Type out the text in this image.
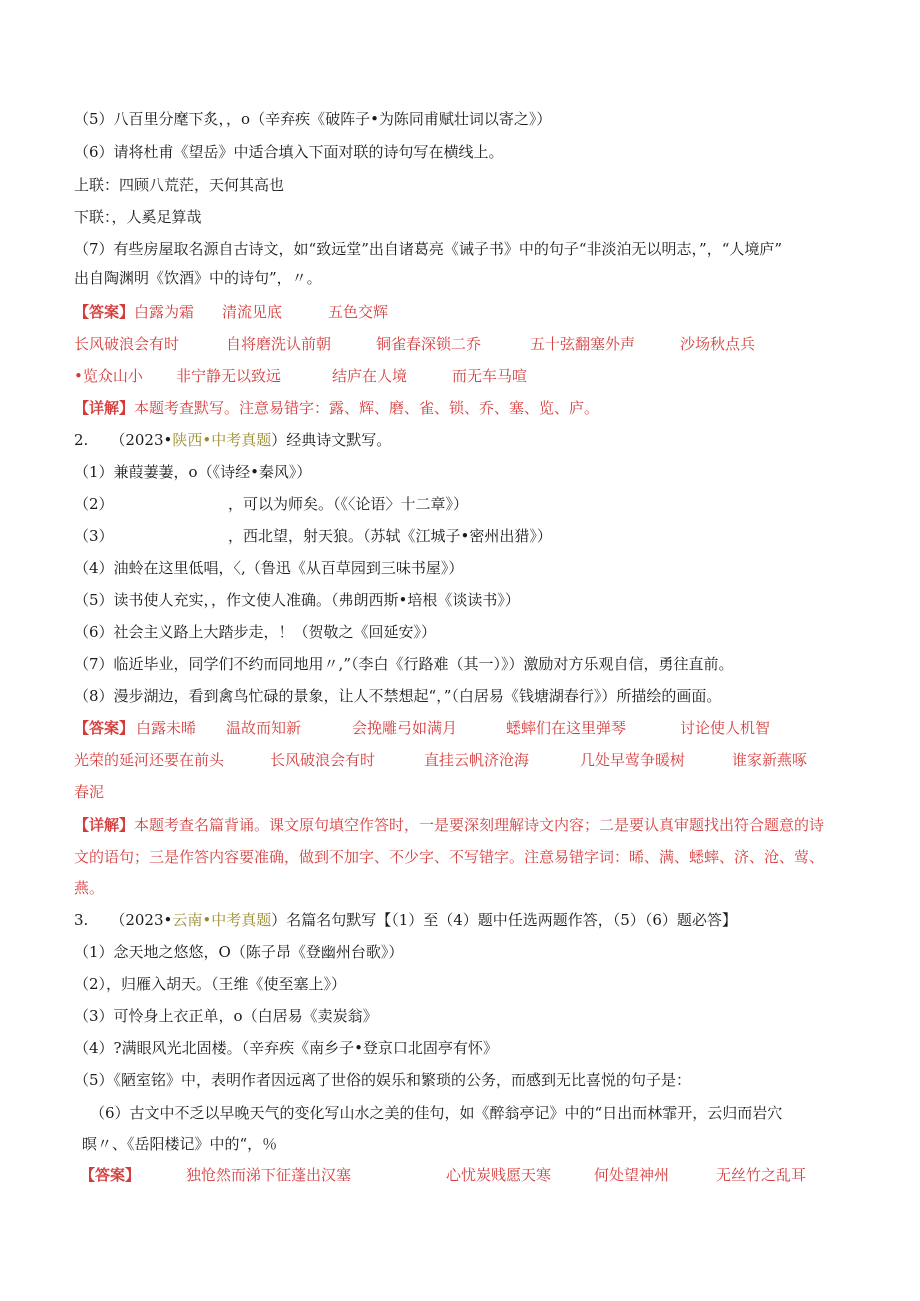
（5）八百里分麾下炙，，o（辛弃疾《破阵子•为陈同甫赋壮词以寄之》）
（6）请将杜甫《望岳》中适合填入下面对联的诗句写在横线上。
上联：四顾八荒茫，天何其高也
下联：，人奚足算哉
（7）有些房屋取名源自古诗文，如“致远堂”出自诸葛亮《诫子书》中的句子“非淡泊无以明志，”，“人境庐”
出自陶渊明《饮酒》中的诗句”，〃。
【答案】白露为霜 清流见底	五色交辉
长风破浪会有时	自将磨洗认前朝	铜雀春深锁二乔	五十弦翻塞外声	沙场秋点兵
•览众山小 非宁静无以致远	结庐在人境	而无车马喧
【详解】本题考查默写。注意易错字：露、辉、磨、雀、锁、乔、塞、览、庐。
2. （2023•陕西•中考真题）经典诗文默写。
（1）兼葭萋萋，o（《诗经•秦风》）
（2）	，可以为师矣。（《〈论语〉十二章》）
（3）	，西北望，射天狼。（苏轼《江城子•密州出猎》）
（4）油蛉在这里低唱，〈,（鲁迅《从百草园到三味书屋》）
（5）读书使人充实，，作文使人准确。（弗朗西斯•培根《谈读书》）
（6）社会主义路上大踏步走，！（贺敬之《回延安》）
（7）临近毕业，同学们不约而同地用〃,”（李白《行路难（其一）》）激励对方乐观自信，勇往直前。
（8）漫步湖边，看到禽鸟忙碌的景象，让人不禁想起“，”（白居易《钱塘湖春行》）所描绘的画面。
【答案】 白露未晞 温故而知新	会挽雕弓如满月	蟋蟀们在这里弹琴	讨论使人机智
光荣的延河还要在前头	长风破浪会有时	直挂云帆济沧海	几处早莺争暖树	谁家新燕啄
春泥
【详解】本题考查名篇背诵。课文原句填空作答时，一是要深刻理解诗文内容；二是要认真审题找出符合题意的诗
文的语句；三是作答内容要准确，做到不加字、不少字、不写错字。注意易错字词：晞、满、蟋蟀、济、沧、莺、
燕。
3. （2023•云南•中考真题）名篇名句默写【（1）至（4）题中任选两题作答，（5）（6）题必答】
（1）念天地之悠悠，O（陈子昂《登幽州台歌》）
（2），归雁入胡天。（王维《使至塞上》）
（3）可怜身上衣正单，o（白居易《卖炭翁》
（4）?满眼风光北固楼。（辛弃疾《南乡子•登京口北固亭有怀》
（5）《陋室铭》中，表明作者因远离了世俗的娱乐和繁琐的公务，而感到无比喜悦的句子是：
（6）古文中不乏以早晚天气的变化写山水之美的佳句，如《醉翁亭记》中的“日出而林霏开，云归而岩穴
暝〃、《岳阳楼记》中的“，％
【答案】	独怆然而涕下征蓬出汉塞	心忧炭贱愿天寒	何处望神州	无丝竹之乱耳
